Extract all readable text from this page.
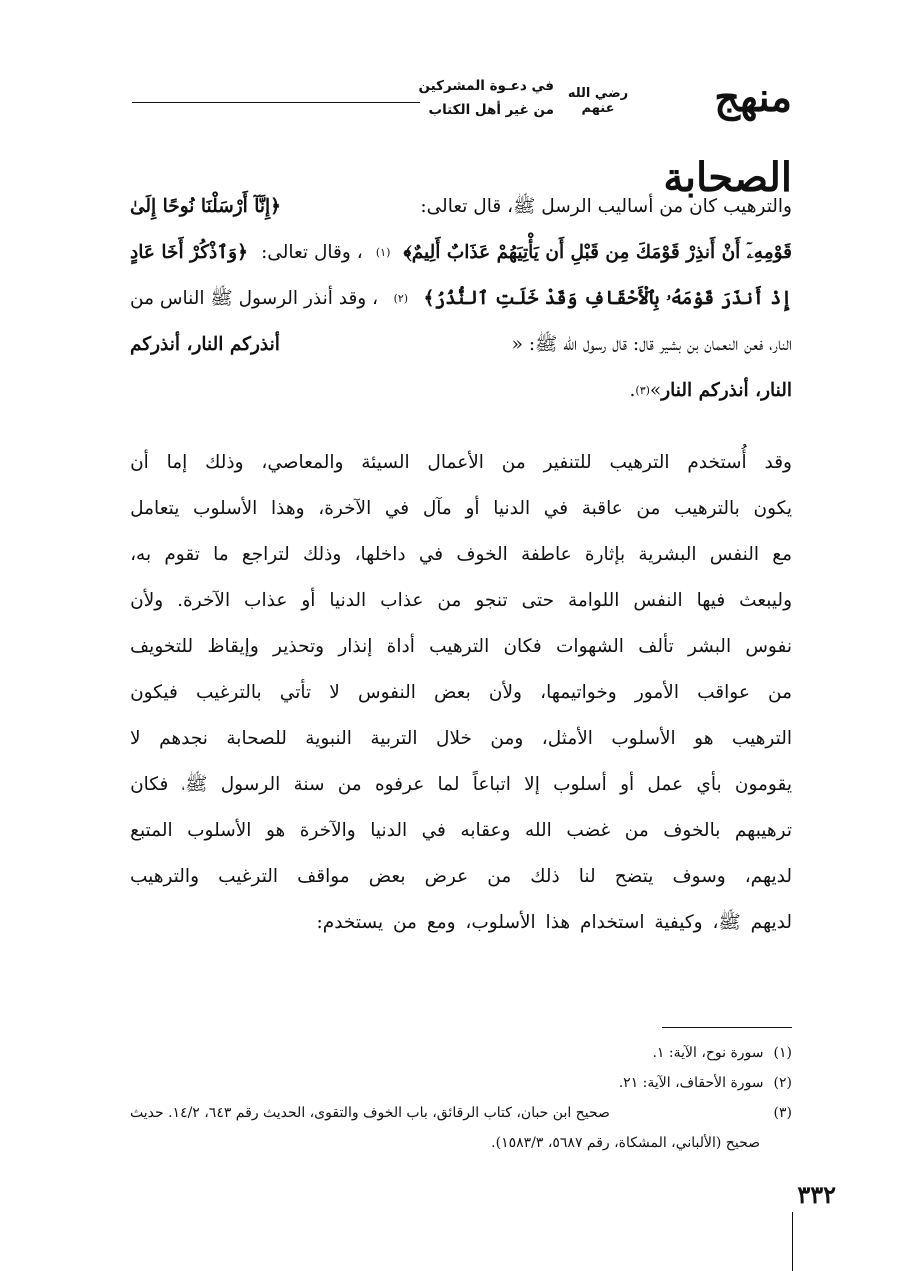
منهج الصحابة
رضي الله عنهم
في دعـوة المشركين
من غير أهل الكتاب
والترهيب كان من أساليب الرسل ﷺ، قال تعالى:
﴿إِنَّآ أَرْسَلْنَا نُوحًا إِلَىٰ
قَوْمِهِۦٓ أَنْ أَنذِرْ قَوْمَكَ مِن قَبْلِ أَن يَأْتِيَهُمْ عَذَابٌ أَلِيمٌ﴾
(١)
، وقال تعالى:
﴿وَٱذْكُرْ أَخَا عَادٍ
إِذْ أَنذَرَ قَوْمَهُۥ بِٱلْأَحْقَافِ وَقَدْ خَلَتِ ٱلنُّذُرُ﴾
(٢)
، وقد أنذر الرسول ﷺ الناس من
النار، فعن النعمان بن بشير قال: قال رسول الله ﷺ: «
أنذركم النار، أنذركم
النار، أنذركم النار
»
(٣)
.
وقد
أُستخدم
الترهيب
للتنفير
من
الأعمال
السيئة
والمعاصي،
وذلك
إما
أن
يكون
بالترهيب
من
عاقبة
في
الدنيا
أو
مآل
في
الآخرة،
وهذا
الأسلوب
يتعامل
مع
النفس
البشرية
بإثارة
عاطفة
الخوف
في
داخلها،
وذلك
لتراجع
ما
تقوم
به،
وليبعث
فيها
النفس
اللوامة
حتى
تنجو
من
عذاب
الدنيا
أو
عذاب
الآخرة.
ولأن
نفوس
البشر
تألف
الشهوات
فكان
الترهيب
أداة
إنذار
وتحذير
وإيقاظ
للتخويف
من
عواقب
الأمور
وخواتيمها،
ولأن
بعض
النفوس
لا
تأتي
بالترغيب
فيكون
الترهيب
هو
الأسلوب
الأمثل،
ومن
خلال
التربية
النبوية
للصحابة
نجدهم
لا
يقومون
بأي
عمل
أو
أسلوب
إلا
اتباعاً
لما
عرفوه
من
سنة
الرسول
ﷺ،
فكان
ترهيبهم
بالخوف
من
غضب
الله
وعقابه
في
الدنيا
والآخرة
هو
الأسلوب
المتبع
لديهم،
وسوف
يتضح
لنا
ذلك
من
عرض
بعض
مواقف
الترغيب
والترهيب
لديهم ﷺ، وكيفية استخدام هذا الأسلوب، ومع من يستخدم:
(١)
سورة نوح، الآية: ١.
(٢)
سورة الأحقاف، الآية: ٢١.
(٣)
صحيح ابن حبان، كتاب الرقائق، باب الخوف والتقوى، الحديث رقم ٦٤٣، ١٤/٢. حديث
صحيح (الألباني، المشكاة، رقم ٥٦٨٧، ١٥٨٣/٣).
٣٣٢
